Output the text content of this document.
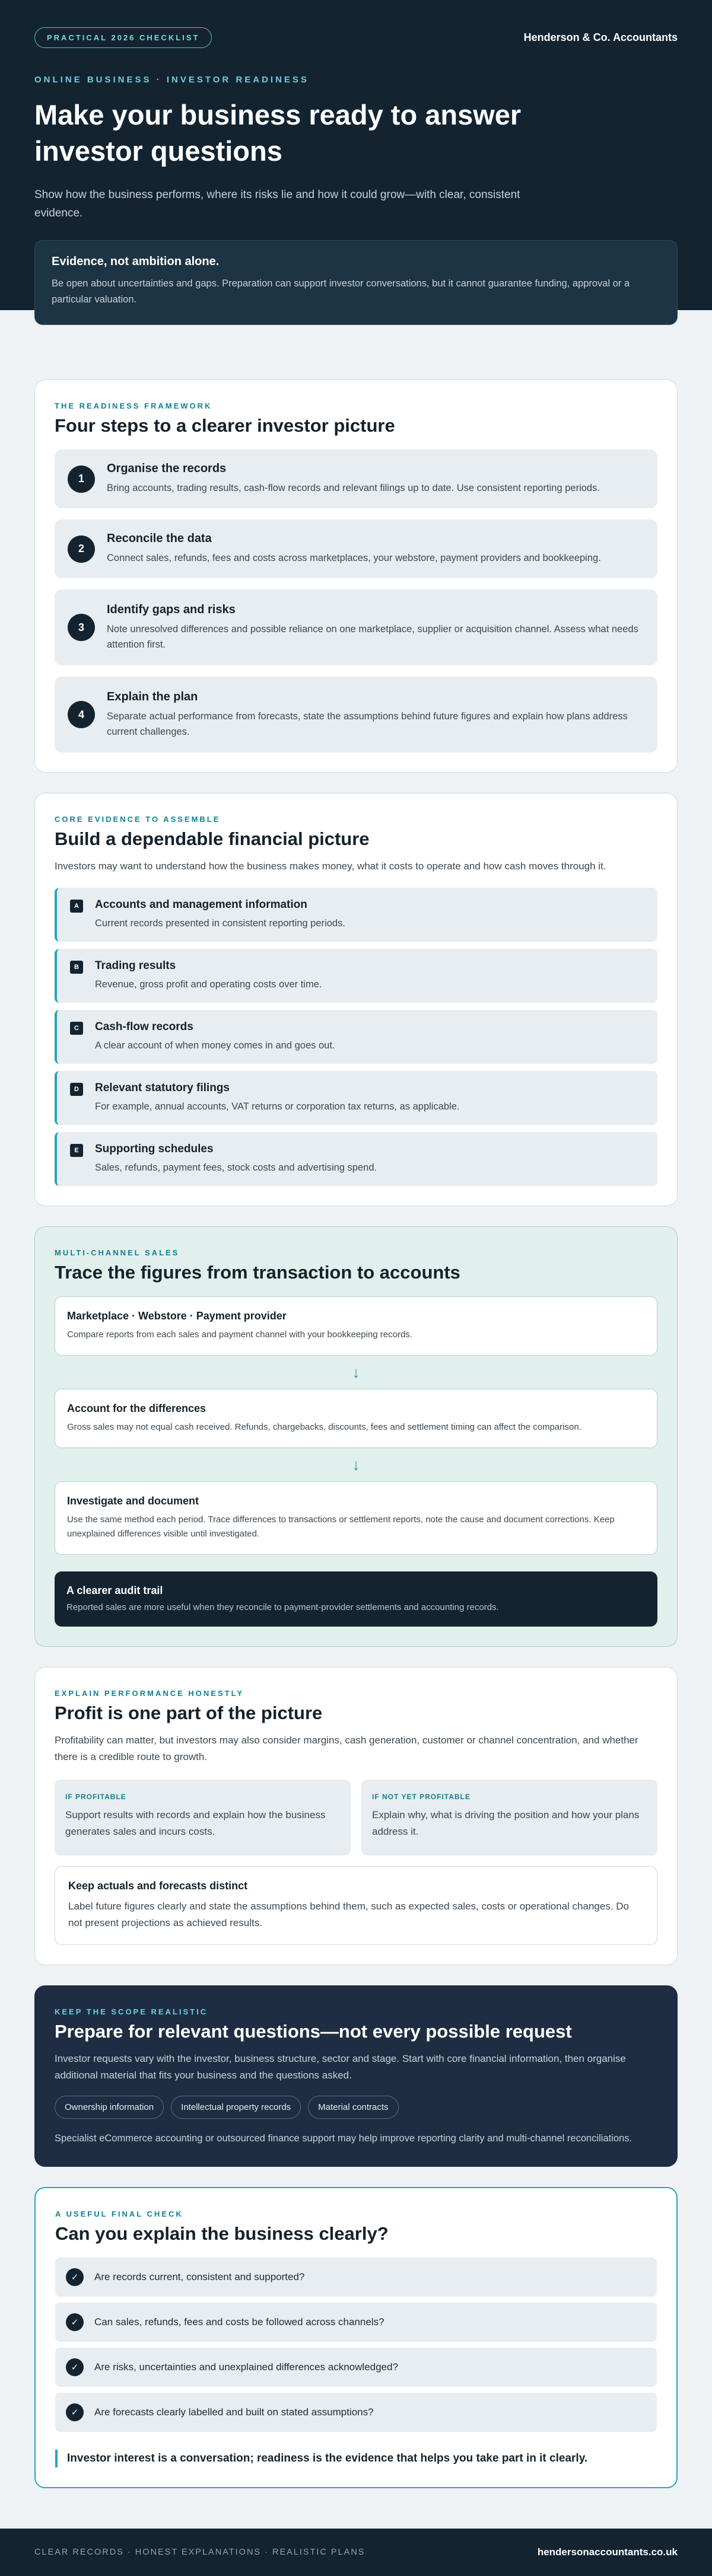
PRACTICAL 2026 CHECKLIST	Henderson & Co. Accountants
ONLINE BUSINESS · INVESTOR READINESS
Make your business ready to answer investor questions

Show how the business performs, where its risks lie and how it could grow—with clear, consistent evidence.

Evidence, not ambition alone.

Be open about uncertainties and gaps. Preparation can support investor conversations, but it cannot guarantee funding, approval or a particular valuation.

THE READINESS FRAMEWORK
Four steps to a clearer investor picture
1
Organise the records

Bring accounts, trading results, cash-flow records and relevant filings up to date. Use consistent reporting periods.

2
Reconcile the data

Connect sales, refunds, fees and costs across marketplaces, your webstore, payment providers and bookkeeping.

3
Identify gaps and risks

Note unresolved differences and possible reliance on one marketplace, supplier or acquisition channel. Assess what needs attention first.

4
Explain the plan

Separate actual performance from forecasts, state the assumptions behind future figures and explain how plans address current challenges.

CORE EVIDENCE TO ASSEMBLE
Build a dependable financial picture

Investors may want to understand how the business makes money, what it costs to operate and how cash moves through it.

A	Accounts and management information

Current records presented in consistent reporting periods.

B	Trading results

Revenue, gross profit and operating costs over time.

C	Cash-flow records

A clear account of when money comes in and goes out.

D	Relevant statutory filings

For example, annual accounts, VAT returns or corporation tax returns, as applicable.

E	Supporting schedules

Sales, refunds, payment fees, stock costs and advertising spend.

MULTI-CHANNEL SALES
Trace the figures from transaction to accounts
Marketplace · Webstore · Payment provider

Compare reports from each sales and payment channel with your bookkeeping records.

↓
Account for the differences

Gross sales may not equal cash received. Refunds, chargebacks, discounts, fees and settlement timing can affect the comparison.

↓
Investigate and document

Use the same method each period. Trace differences to transactions or settlement reports, note the cause and document corrections. Keep unexplained differences visible until investigated.

A clearer audit trail

Reported sales are more useful when they reconcile to payment-provider settlements and accounting records.

EXPLAIN PERFORMANCE HONESTLY
Profit is one part of the picture

Profitability can matter, but investors may also consider margins, cash generation, customer or channel concentration, and whether there is a credible route to growth.

IF PROFITABLE

Support results with records and explain how the business generates sales and incurs costs.

IF NOT YET PROFITABLE

Explain why, what is driving the position and how your plans address it.

Keep actuals and forecasts distinct

Label future figures clearly and state the assumptions behind them, such as expected sales, costs or operational changes. Do not present projections as achieved results.

KEEP THE SCOPE REALISTIC
Prepare for relevant questions—not every possible request

Investor requests vary with the investor, business structure, sector and stage. Start with core financial information, then organise additional material that fits your business and the questions asked.

Ownership information	Intellectual property records	Material contracts

Specialist eCommerce accounting or outsourced finance support may help improve reporting clarity and multi-channel reconciliations.

A USEFUL FINAL CHECK
Can you explain the business clearly?
✓	Are records current, consistent and supported?
✓	Can sales, refunds, fees and costs be followed across channels?
✓	Are risks, uncertainties and unexplained differences acknowledged?
✓	Are forecasts clearly labelled and built on stated assumptions?
Investor interest is a conversation; readiness is the evidence that helps you take part in it clearly.
CLEAR RECORDS · HONEST EXPLANATIONS · REALISTIC PLANS	hendersonaccountants.co.uk
